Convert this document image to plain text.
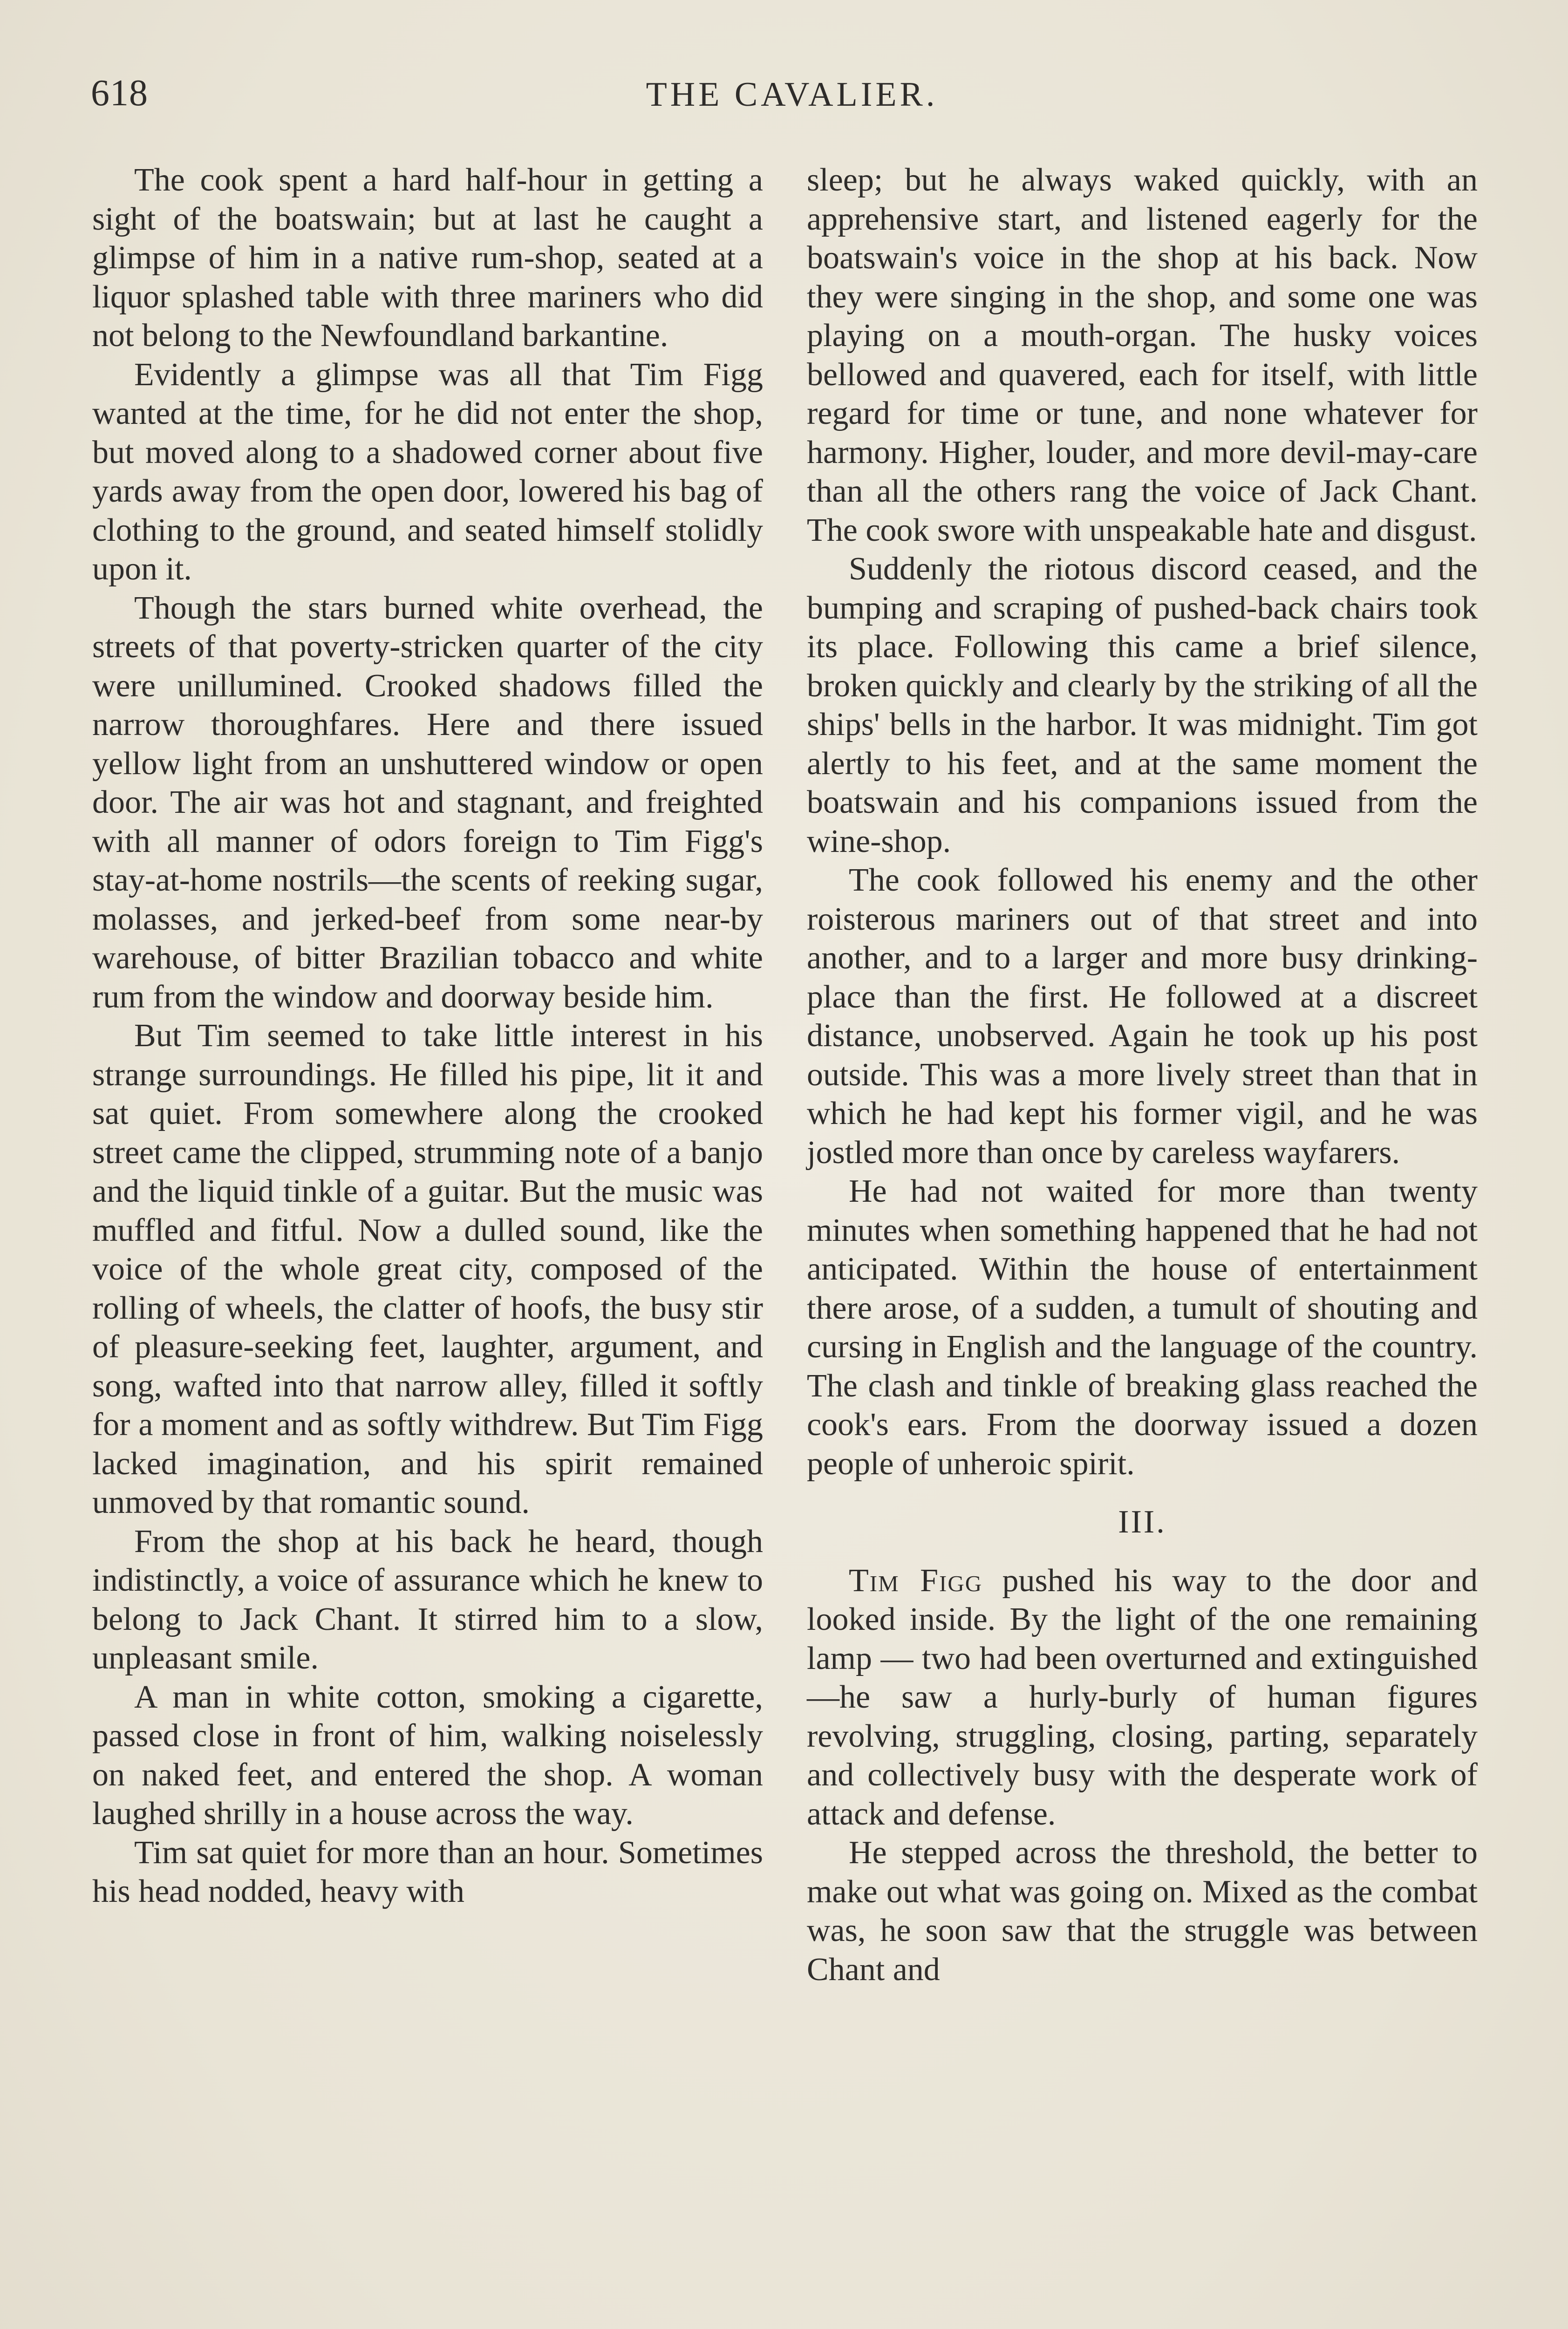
618	THE CAVALIER.

The cook spent a hard half-hour in getting a sight of the boatswain; but at last he caught a glimpse of him in a native rum-shop, seated at a liquor splashed table with three mariners who did not belong to the Newfoundland barkantine.

Evidently a glimpse was all that Tim Figg wanted at the time, for he did not enter the shop, but moved along to a shadowed corner about five yards away from the open door, lowered his bag of clothing to the ground, and seated himself stolidly upon it.

Though the stars burned white overhead, the streets of that poverty-stricken quarter of the city were unillumined. Crooked shadows filled the narrow thoroughfares. Here and there issued yellow light from an unshuttered window or open door. The air was hot and stagnant, and freighted with all manner of odors foreign to Tim Figg's stay-at-home nostrils—the scents of reeking sugar, molasses, and jerked-beef from some near-by warehouse, of bitter Brazilian tobacco and white rum from the window and doorway beside him.

But Tim seemed to take little interest in his strange surroundings. He filled his pipe, lit it and sat quiet. From somewhere along the crooked street came the clipped, strumming note of a banjo and the liquid tinkle of a guitar. But the music was muffled and fitful. Now a dulled sound, like the voice of the whole great city, composed of the rolling of wheels, the clatter of hoofs, the busy stir of pleasure-seeking feet, laughter, argument, and song, wafted into that narrow alley, filled it softly for a moment and as softly withdrew. But Tim Figg lacked imagination, and his spirit remained unmoved by that romantic sound.

From the shop at his back he heard, though indistinctly, a voice of assurance which he knew to belong to Jack Chant. It stirred him to a slow, unpleasant smile.

A man in white cotton, smoking a cigarette, passed close in front of him, walking noiselessly on naked feet, and entered the shop. A woman laughed shrilly in a house across the way.

Tim sat quiet for more than an hour. Sometimes his head nodded, heavy with

sleep; but he always waked quickly, with an apprehensive start, and listened eagerly for the boatswain's voice in the shop at his back. Now they were singing in the shop, and some one was playing on a mouth-organ. The husky voices bellowed and quavered, each for itself, with little regard for time or tune, and none whatever for harmony. Higher, louder, and more devil-may-care than all the others rang the voice of Jack Chant. The cook swore with unspeakable hate and disgust.

Suddenly the riotous discord ceased, and the bumping and scraping of pushed-back chairs took its place. Following this came a brief silence, broken quickly and clearly by the striking of all the ships' bells in the harbor. It was midnight. Tim got alertly to his feet, and at the same moment the boatswain and his companions issued from the wine-shop.

The cook followed his enemy and the other roisterous mariners out of that street and into another, and to a larger and more busy drinking-place than the first. He followed at a discreet distance, unobserved. Again he took up his post outside. This was a more lively street than that in which he had kept his former vigil, and he was jostled more than once by careless wayfarers.

He had not waited for more than twenty minutes when something happened that he had not anticipated. Within the house of entertainment there arose, of a sudden, a tumult of shouting and cursing in English and the language of the country. The clash and tinkle of breaking glass reached the cook's ears. From the doorway issued a dozen people of unheroic spirit.

III.

Tim Figg pushed his way to the door and looked inside. By the light of the one remaining lamp — two had been overturned and extinguished—he saw a hurly-burly of human figures revolving, struggling, closing, parting, separately and collectively busy with the desperate work of attack and defense.

He stepped across the threshold, the better to make out what was going on. Mixed as the combat was, he soon saw that the struggle was between Chant and
